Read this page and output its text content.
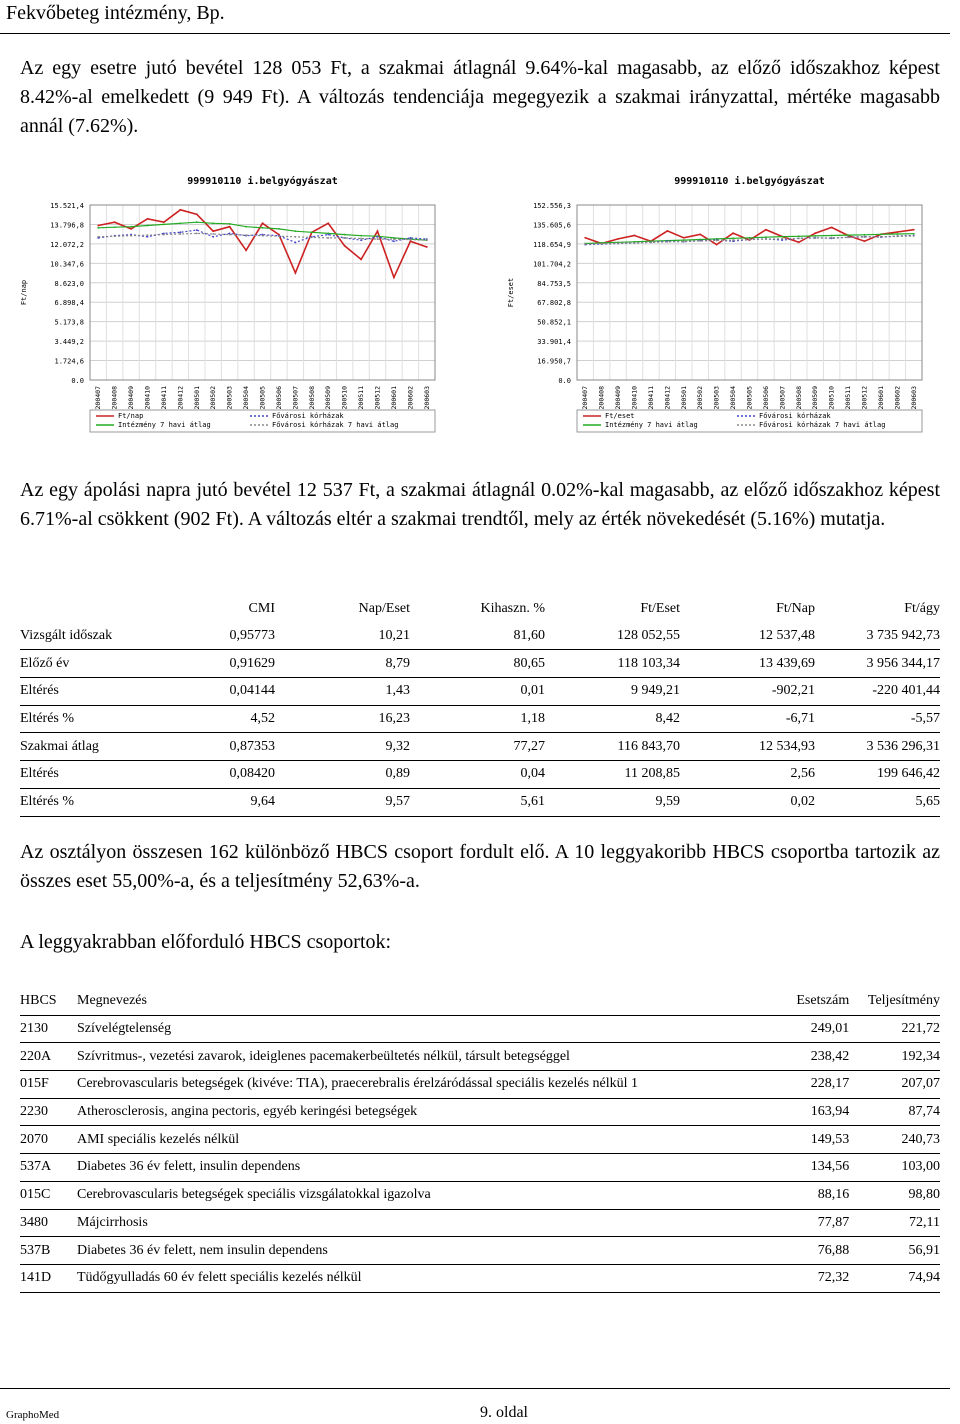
Fekvőbeteg intézmény, Bp.
Az egy esetre jutó bevétel 128 053 Ft, a szakmai átlagnál 9.64%-kal magasabb, az előző időszakhoz képest 8.42%-al emelkedett (9 949 Ft). A változás tendenciája megegyezik a szakmai irányzattal, mértéke magasabb annál (7.62%).
999910110 i.belgyógyászat
15.521,4
13.796,8
12.072,2
10.347,6
8.623,0
6.898,4
5.173,8
3.449,2
1.724,6
0.0
Ft/nap
200407 200408 200409 200410 200411 200412 200501 200502 200503 200504 200505 200506 200507 200508 200509 200510 200511 200512 200601 200602 200603
Ft/nap
Intézmény 7 havi átlag
Fővárosi kórházak
Fővárosi kórházak 7 havi átlag
999910110 i.belgyógyászat
152.556,3
135.605,6
118.654,9
101.704,2
84.753,5
67.802,8
50.852,1
33.901,4
16.950,7
0.0
Ft/eset
200407 200408 200409 200410 200411 200412 200501 200502 200503 200504 200505 200506 200507 200508 200509 200510 200511 200512 200601 200602 200603
Ft/eset
Intézmény 7 havi átlag
Fővárosi kórházak
Fővárosi kórházak 7 havi átlag
Az egy ápolási napra jutó bevétel 12 537 Ft, a szakmai átlagnál 0.02%-kal magasabb, az előző időszakhoz képest 6.71%-al csökkent (902 Ft). A változás eltér a szakmai trendtől, mely az érték növekedését (5.16%) mutatja.
	CMI	Nap/Eset	Kihaszn. %	Ft/Eset	Ft/Nap	Ft/ágy
Vizsgált időszak	0,95773	10,21	81,60	128 052,55	12 537,48	3 735 942,73
Előző év	0,91629	8,79	80,65	118 103,34	13 439,69	3 956 344,17
Eltérés	0,04144	1,43	0,01	9 949,21	-902,21	-220 401,44
Eltérés %	4,52	16,23	1,18	8,42	-6,71	-5,57
Szakmai átlag	0,87353	9,32	77,27	116 843,70	12 534,93	3 536 296,31
Eltérés	0,08420	0,89	0,04	11 208,85	2,56	199 646,42
Eltérés %	9,64	9,57	5,61	9,59	0,02	5,65
Az osztályon összesen 162 különböző HBCS csoport fordult elő. A 10 leggyakoribb HBCS csoportba tartozik az összes eset 55,00%-a, és a teljesítmény 52,63%-a.
A leggyakrabban előforduló HBCS csoportok:
HBCS	Megnevezés	Esetszám	Teljesítmény
2130	Szívelégtelenség	249,01	221,72
220A	Szívritmus-, vezetési zavarok, ideiglenes pacemakerbeültetés nélkül, társult betegséggel	238,42	192,34
015F	Cerebrovascularis betegségek (kivéve: TIA), praecerebralis érelzáródással speciális kezelés nélkül 1	228,17	207,07
2230	Atherosclerosis, angina pectoris, egyéb keringési betegségek	163,94	87,74
2070	AMI speciális kezelés nélkül	149,53	240,73
537A	Diabetes 36 év felett, insulin dependens	134,56	103,00
015C	Cerebrovascularis betegségek speciális vizsgálatokkal igazolva	88,16	98,80
3480	Májcirrhosis	77,87	72,11
537B	Diabetes 36 év felett, nem insulin dependens	76,88	56,91
141D	Tüdőgyulladás 60 év felett speciális kezelés nélkül	72,32	74,94
GraphoMed	9. oldal
